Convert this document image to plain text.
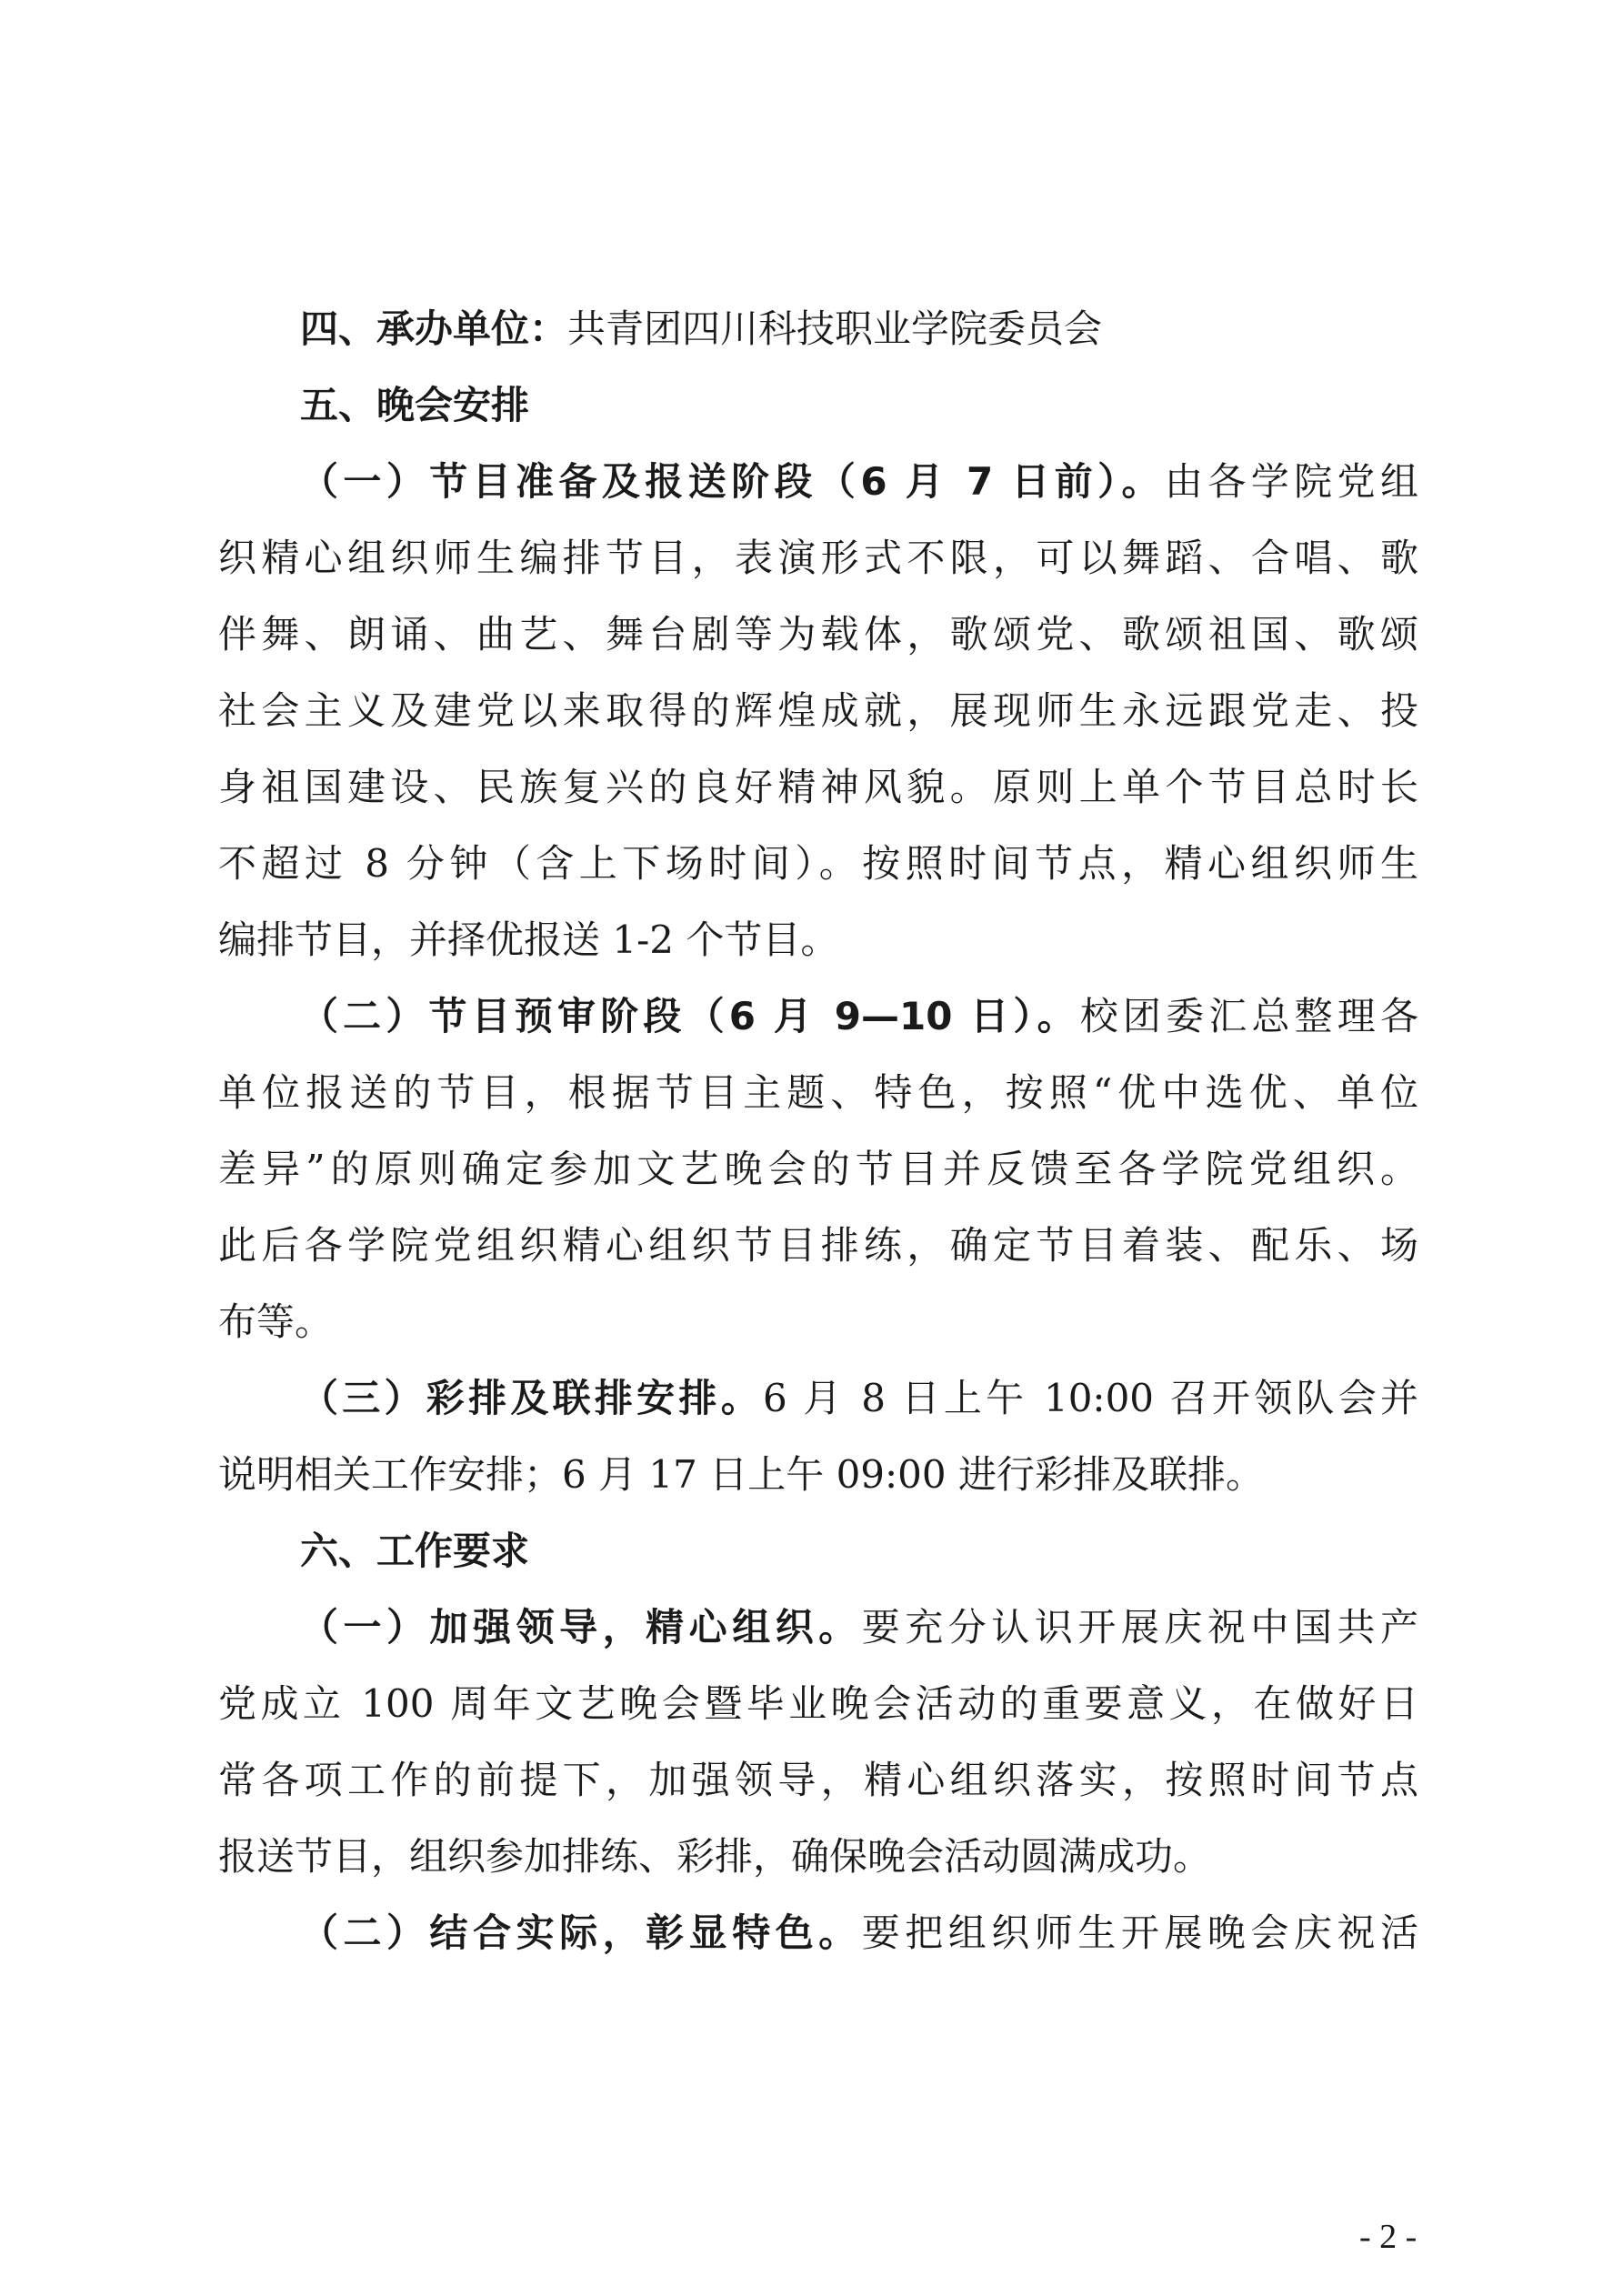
四、承办单位：共青团四川科技职业学院委员会
五、晚会安排
（一）节目准备及报送阶段（6 月 7 日前）。由各学院党组
织精心组织师生编排节目，表演形式不限，可以舞蹈、合唱、歌
伴舞、朗诵、曲艺、舞台剧等为载体，歌颂党、歌颂祖国、歌颂
社会主义及建党以来取得的辉煌成就，展现师生永远跟党走、投
身祖国建设、民族复兴的良好精神风貌。原则上单个节目总时长
不超过 8 分钟（含上下场时间）。按照时间节点，精心组织师生
编排节目，并择优报送 1-2 个节目。
（二）节目预审阶段（6 月 9—10 日）。校团委汇总整理各
单位报送的节目，根据节目主题、特色，按照“优中选优、单位
差异”的原则确定参加文艺晚会的节目并反馈至各学院党组织。
此后各学院党组织精心组织节目排练，确定节目着装、配乐、场
布等。
（三）彩排及联排安排。6 月 8 日上午 10:00 召开领队会并
说明相关工作安排；6 月 17 日上午 09:00 进行彩排及联排。
六、工作要求
（一）加强领导，精心组织。要充分认识开展庆祝中国共产
党成立 100 周年文艺晚会暨毕业晚会活动的重要意义，在做好日
常各项工作的前提下，加强领导，精心组织落实，按照时间节点
报送节目，组织参加排练、彩排，确保晚会活动圆满成功。
（二）结合实际，彰显特色。要把组织师生开展晚会庆祝活
- 2 -
